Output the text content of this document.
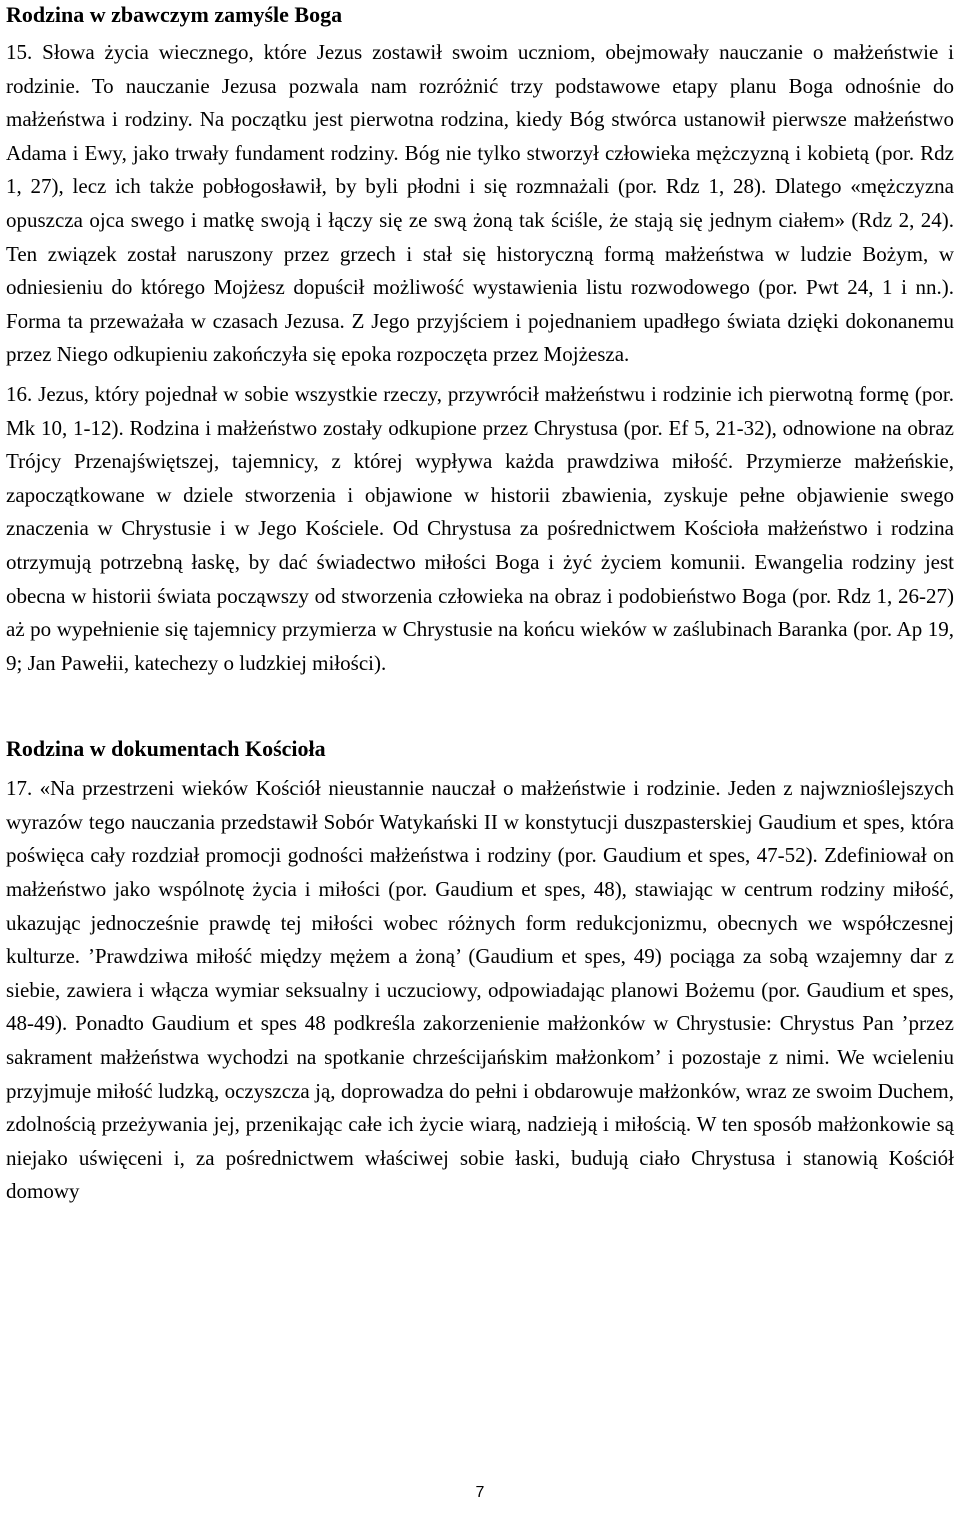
Rodzina w zbawczym zamyśle Boga

15. Słowa życia wiecznego, które Jezus zostawił swoim uczniom, obejmowały nauczanie o małżeństwie i rodzinie. To nauczanie Jezusa pozwala nam rozróżnić trzy podstawowe etapy planu Boga odnośnie do małżeństwa i rodziny. Na początku jest pierwotna rodzina, kiedy Bóg stwórca ustanowił pierwsze małżeństwo Adama i Ewy, jako trwały fundament rodziny. Bóg nie tylko stworzył człowieka mężczyzną i kobietą (por. Rdz 1, 27), lecz ich także pobłogosławił, by byli płodni i się rozmnażali (por. Rdz 1, 28). Dlatego «mężczyzna opuszcza ojca swego i matkę swoją i łączy się ze swą żoną tak ściśle, że stają się jednym ciałem» (Rdz 2, 24). Ten związek został naruszony przez grzech i stał się historyczną formą małżeństwa w ludzie Bożym, w odniesieniu do którego Mojżesz dopuścił możliwość wystawienia listu rozwodowego (por. Pwt 24, 1 i nn.). Forma ta przeważała w czasach Jezusa. Z Jego przyjściem i pojednaniem upadłego świata dzięki dokonanemu przez Niego odkupieniu zakończyła się epoka rozpoczęta przez Mojżesza.

16. Jezus, który pojednał w sobie wszystkie rzeczy, przywrócił małżeństwu i rodzinie ich pierwotną formę (por. Mk 10, 1-12). Rodzina i małżeństwo zostały odkupione przez Chrystusa (por. Ef 5, 21-32), odnowione na obraz Trójcy Przenajświętszej, tajemnicy, z której wypływa każda prawdziwa miłość. Przymierze małżeńskie, zapoczątkowane w dziele stworzenia i objawione w historii zbawienia, zyskuje pełne objawienie swego znaczenia w Chrystusie i w Jego Kościele. Od Chrystusa za pośrednictwem Kościoła małżeństwo i rodzina otrzymują potrzebną łaskę, by dać świadectwo miłości Boga i żyć życiem komunii. Ewangelia rodziny jest obecna w historii świata począwszy od stworzenia człowieka na obraz i podobieństwo Boga (por. Rdz 1, 26-27) aż po wypełnienie się tajemnicy przymierza w Chrystusie na końcu wieków w zaślubinach Baranka (por. Ap 19, 9; Jan Pawełii, katechezy o ludzkiej miłości).

Rodzina w dokumentach Kościoła

17. «Na przestrzeni wieków Kościół nieustannie nauczał o małżeństwie i rodzinie. Jeden z najwznioślejszych wyrazów tego nauczania przedstawił Sobór Watykański II w konstytucji duszpasterskiej Gaudium et spes, która poświęca cały rozdział promocji godności małżeństwa i rodziny (por. Gaudium et spes, 47-52). Zdefiniował on małżeństwo jako wspólnotę życia i miłości (por. Gaudium et spes, 48), stawiając w centrum rodziny miłość, ukazując jednocześnie prawdę tej miłości wobec różnych form redukcjonizmu, obecnych we współczesnej kulturze. ’Prawdziwa miłość między mężem a żoną’ (Gaudium et spes, 49) pociąga za sobą wzajemny dar z siebie, zawiera i włącza wymiar seksualny i uczuciowy, odpowiadając planowi Bożemu (por. Gaudium et spes, 48-49). Ponadto Gaudium et spes 48 podkreśla zakorzenienie małżonków w Chrystusie: Chrystus Pan ’przez sakrament małżeństwa wychodzi na spotkanie chrześcijańskim małżonkom’ i pozostaje z nimi. We wcieleniu przyjmuje miłość ludzką, oczyszcza ją, doprowadza do pełni i obdarowuje małżonków, wraz ze swoim Duchem, zdolnością przeżywania jej, przenikając całe ich życie wiarą, nadzieją i miłością. W ten sposób małżonkowie są niejako uświęceni i, za pośrednictwem właściwej sobie łaski, budują ciało Chrystusa i stanowią Kościół domowy

7
